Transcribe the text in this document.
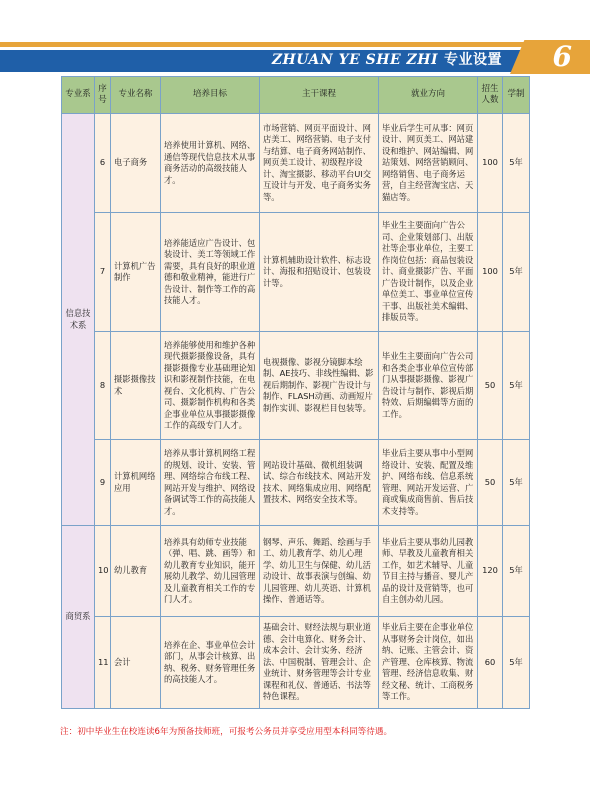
ZHUAN YE SHE ZHI 专业设置 6
专业系	序号	专业名称	培养目标	主干课程	就业方向	招生人数	学制
信息技术系	6	电子商务	培养使用计算机、网络、通信等现代信息技术从事商务活动的高级技能人才。	市场营销、网页平面设计、网店美工、网络营销、电子支付与结算、电子商务网站制作、网页美工设计、初级程序设计、淘宝摄影、移动平台UI交互设计与开发、电子商务实务等。	毕业后学生可从事：网页设计、网页美工、网站建设和维护、网站编辑、网站策划、网络营销顾问、网络销售、电子商务运营，自主经营淘宝店、天猫店等。	100	5年
	7	计算机广告制作	培养能适应广告设计、包装设计、美工等领域工作需要，具有良好的职业道德和敬业精神，能进行广告设计、制作等工作的高技能人才。	计算机辅助设计软件、标志设计、海报和招贴设计、包装设计等。	毕业生主要面向广告公司、企业策划部门、出版社等企事业单位，主要工作岗位包括：商品包装设计、商业摄影广告、平面广告设计制作，以及企业单位美工、事业单位宣传干事、出版社美术编辑、排版员等。	100	5年
	8	摄影摄像技术	培养能够使用和维护各种现代摄影摄像设备，具有摄影摄像专业基础理论知识和影视制作技能，在电视台、文化机构、广告公司、摄影制作机构和各类企事业单位从事摄影摄像工作的高级专门人才。	电视摄像、影视分镜脚本绘制、AE技巧、非线性编辑、影视后期制作、影视广告设计与制作、FLASH动画、动画短片制作实训、影视栏目包装等。	毕业生主要面向广告公司和各类企事业单位宣传部门从事摄影摄像、影视广告设计与制作、影视后期特效、后期编辑等方面的工作。	50	5年
	9	计算机网络应用	培养从事计算机网络工程的规划、设计、安装、管理、网络综合布线工程、网站开发与维护、网络设备调试等工作的高技能人才。	网站设计基础、微机组装调试、综合布线技术、网站开发技术、网络集成应用、网络配置技术、网络安全技术等。	毕业后主要从事中小型网络设计、安装、配置及维护、网络布线、信息系统管理、网站开发运营、广商或集成商售前、售后技术支持等。	50	5年
商贸系	10	幼儿教育	培养具有幼师专业技能（弹、唱、跳、画等）和幼儿教育专业知识，能开展幼儿教学、幼儿园管理及儿童教育相关工作的专门人才。	钢琴、声乐、舞蹈、绘画与手工、幼儿教育学、幼儿心理学、幼儿卫生与保健、幼儿活动设计、故事表演与创编、幼儿园管理、幼儿英语、计算机操作、普通话等。	毕业后主要从事幼儿园教师、早教及儿童教育相关工作，如艺术辅导、儿童节目主持与播音、婴儿产品的设计及营销等，也可自主创办幼儿园。	120	5年
	11	会计	培养在企、事业单位会计部门，从事会计核算、出纳、税务、财务管理任务的高技能人才。	基础会计、财经法规与职业道德、会计电算化、财务会计、成本会计、会计实务、经济法、中国税制、管理会计、企业统计、财务管理等会计专业课程和礼仪、普通话、书法等特色课程。	毕业后主要在企事业单位从事财务会计岗位，如出纳、记账、主管会计、资产管理、仓库核算、物流管理、经济信息收集、财经文秘、统计、工商税务等工作。	60	5年
注：初中毕业生在校连读6年为预备技师班，可报考公务员并享受应用型本科同等待遇。
